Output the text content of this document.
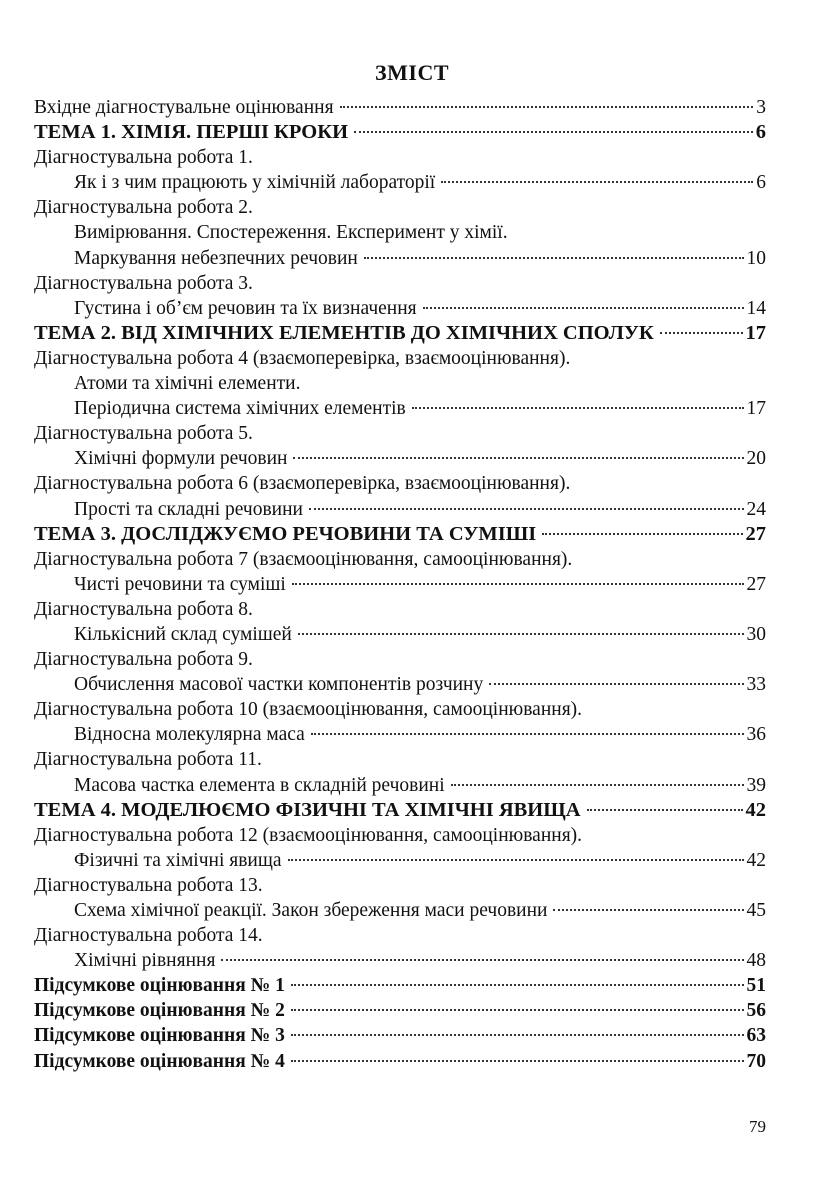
ЗМІСТ
Вхідне діагностувальне оцінювання	3
ТЕМА 1. ХІМІЯ. ПЕРШІ КРОКИ	6
Діагностувальна робота 1.
Як і з чим працюють у хімічній лабораторії	6
Діагностувальна робота 2.
Вимірювання. Спостереження. Експеримент у хімії.
Маркування небезпечних речовин	10
Діагностувальна робота 3.
Густина і об’єм речовин та їх визначення	14
ТЕМА 2. ВІД ХІМІЧНИХ ЕЛЕМЕНТІВ ДО ХІМІЧНИХ СПОЛУК	17
Діагностувальна робота 4 (взаємоперевірка, взаємооцінювання).
Атоми та хімічні елементи.
Періодична система хімічних елементів	17
Діагностувальна робота 5.
Хімічні формули речовин	20
Діагностувальна робота 6 (взаємоперевірка, взаємооцінювання).
Прості та складні речовини	24
ТЕМА 3. ДОСЛІДЖУЄМО РЕЧОВИНИ ТА СУМІШІ	27
Діагностувальна робота 7 (взаємооцінювання, самооцінювання).
Чисті речовини та суміші	27
Діагностувальна робота 8.
Кількісний склад сумішей	30
Діагностувальна робота 9.
Обчислення масової частки компонентів розчину	33
Діагностувальна робота 10 (взаємооцінювання, самооцінювання).
Відносна молекулярна маса	36
Діагностувальна робота 11.
Масова частка елемента в складній речовині	39
ТЕМА 4. МОДЕЛЮЄМО ФІЗИЧНІ ТА ХІМІЧНІ ЯВИЩА	42
Діагностувальна робота 12 (взаємооцінювання, самооцінювання).
Фізичні та хімічні явища	42
Діагностувальна робота 13.
Схема хімічної реакції. Закон збереження маси речовини	45
Діагностувальна робота 14.
Хімічні рівняння	48
Підсумкове оцінювання № 1	51
Підсумкове оцінювання № 2	56
Підсумкове оцінювання № 3	63
Підсумкове оцінювання № 4	70
79
